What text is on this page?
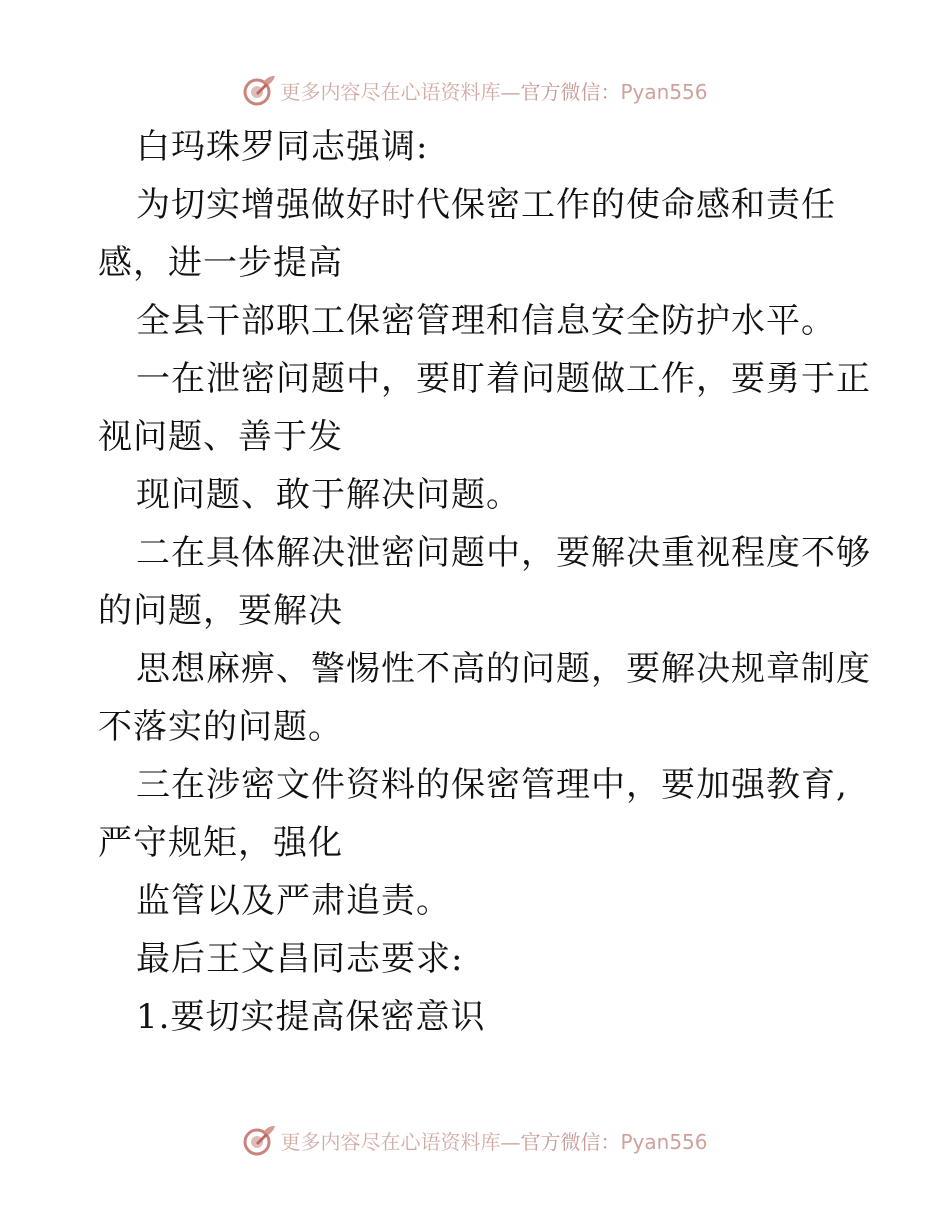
更多内容尽在心语资料库—官方微信：Pyan556
白玛珠罗同志强调:
为切实增强做好时代保密工作的使命感和责任
感，进一步提高
全县干部职工保密管理和信息安全防护水平。
一在泄密问题中，要盯着问题做工作，要勇于正
视问题、善于发
现问题、敢于解决问题。
二在具体解决泄密问题中，要解决重视程度不够
的问题，要解决
思想麻痹、警惕性不高的问题，要解决规章制度
不落实的问题。
三在涉密文件资料的保密管理中，要加强教育,
严守规矩，强化
监管以及严肃追责。
最后王文昌同志要求:
1.要切实提高保密意识
更多内容尽在心语资料库—官方微信：Pyan556
